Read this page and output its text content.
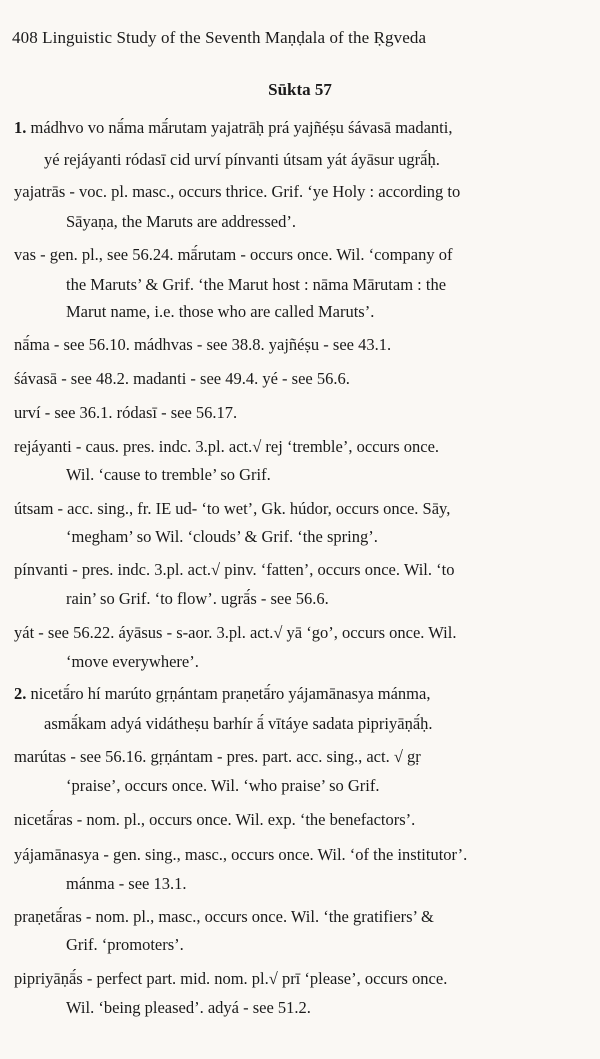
408 Linguistic Study of the Seventh Maṇḍala of the Ṛgveda
Sūkta 57
1. mádhvo vo nā́ma mā́rutam yajatrāḥ prá yajñéṣu śávasā madanti,
yé rejáyanti ródasī cid urví pínvanti útsam yát áyāsur ugrā́ḥ.
yajatrās - voc. pl. masc., occurs thrice. Grif. ‘ye Holy : according to
Sāyaṇa, the Maruts are addressed’.
vas - gen. pl., see 56.24. mā́rutam - occurs once. Wil. ‘company of
the Maruts’ & Grif. ‘the Marut host : nāma Mārutam : the
Marut name, i.e. those who are called Maruts’.
nā́ma - see 56.10. mádhvas - see 38.8. yajñéṣu - see 43.1.
śávasā - see 48.2. madanti - see 49.4. yé - see 56.6.
urví - see 36.1. ródasī - see 56.17.
rejáyanti - caus. pres. indc. 3.pl. act.√ rej ‘tremble’, occurs once.
Wil. ‘cause to tremble’ so Grif.
útsam - acc. sing., fr. IE ud- ‘to wet’, Gk. húdor, occurs once. Sāy,
‘megham’ so Wil. ‘clouds’ & Grif. ‘the spring’.
pínvanti - pres. indc. 3.pl. act.√ pinv. ‘fatten’, occurs once. Wil. ‘to
rain’ so Grif. ‘to flow’. ugrā́s - see 56.6.
yát - see 56.22. áyāsus - s-aor. 3.pl. act.√ yā ‘go’, occurs once. Wil.
‘move everywhere’.
2. nicetā́ro hí marúto gṛṇántam praṇetā́ro yájamānasya mánma,
asmā́kam adyá vidátheṣu barhír ā́ vītáye sadata pipriyāṇā́ḥ.
marútas - see 56.16. gṛṇántam - pres. part. acc. sing., act. √ gṛ
‘praise’, occurs once. Wil. ‘who praise’ so Grif.
nicetā́ras - nom. pl., occurs once. Wil. exp. ‘the benefactors’.
yájamānasya - gen. sing., masc., occurs once. Wil. ‘of the institutor’.
mánma - see 13.1.
praṇetā́ras - nom. pl., masc., occurs once. Wil. ‘the gratifiers’ &
Grif. ‘promoters’.
pipriyāṇā́s - perfect part. mid. nom. pl.√ prī ‘please’, occurs once.
Wil. ‘being pleased’. adyá - see 51.2.
